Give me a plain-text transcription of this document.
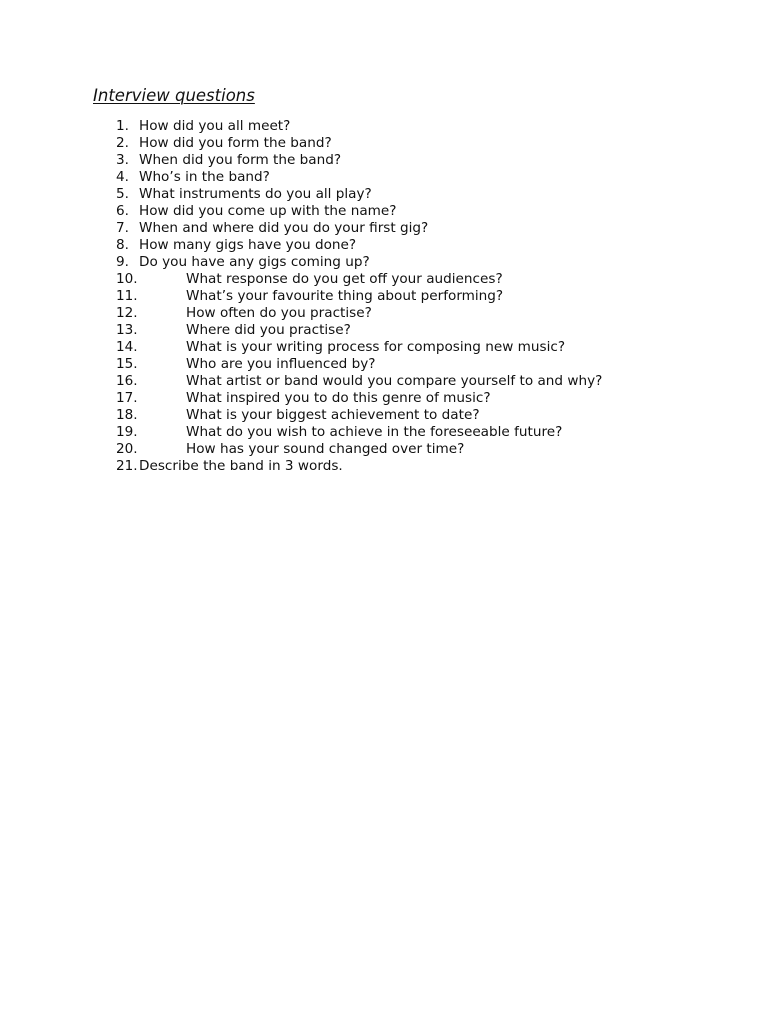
Interview questions
1. How did you all meet?
2. How did you form the band?
3. When did you form the band?
4. Who’s in the band?
5. What instruments do you all play?
6. How did you come up with the name?
7. When and where did you do your first gig?
8. How many gigs have you done?
9. Do you have any gigs coming up?
10.	What response do you get off your audiences?
11.	What’s your favourite thing about performing?
12.	How often do you practise?
13.	Where did you practise?
14.	What is your writing process for composing new music?
15.	Who are you influenced by?
16.	What artist or band would you compare yourself to and why?
17.	What inspired you to do this genre of music?
18.	What is your biggest achievement to date?
19.	What do you wish to achieve in the foreseeable future?
20.	How has your sound changed over time?
21. Describe the band in 3 words.
